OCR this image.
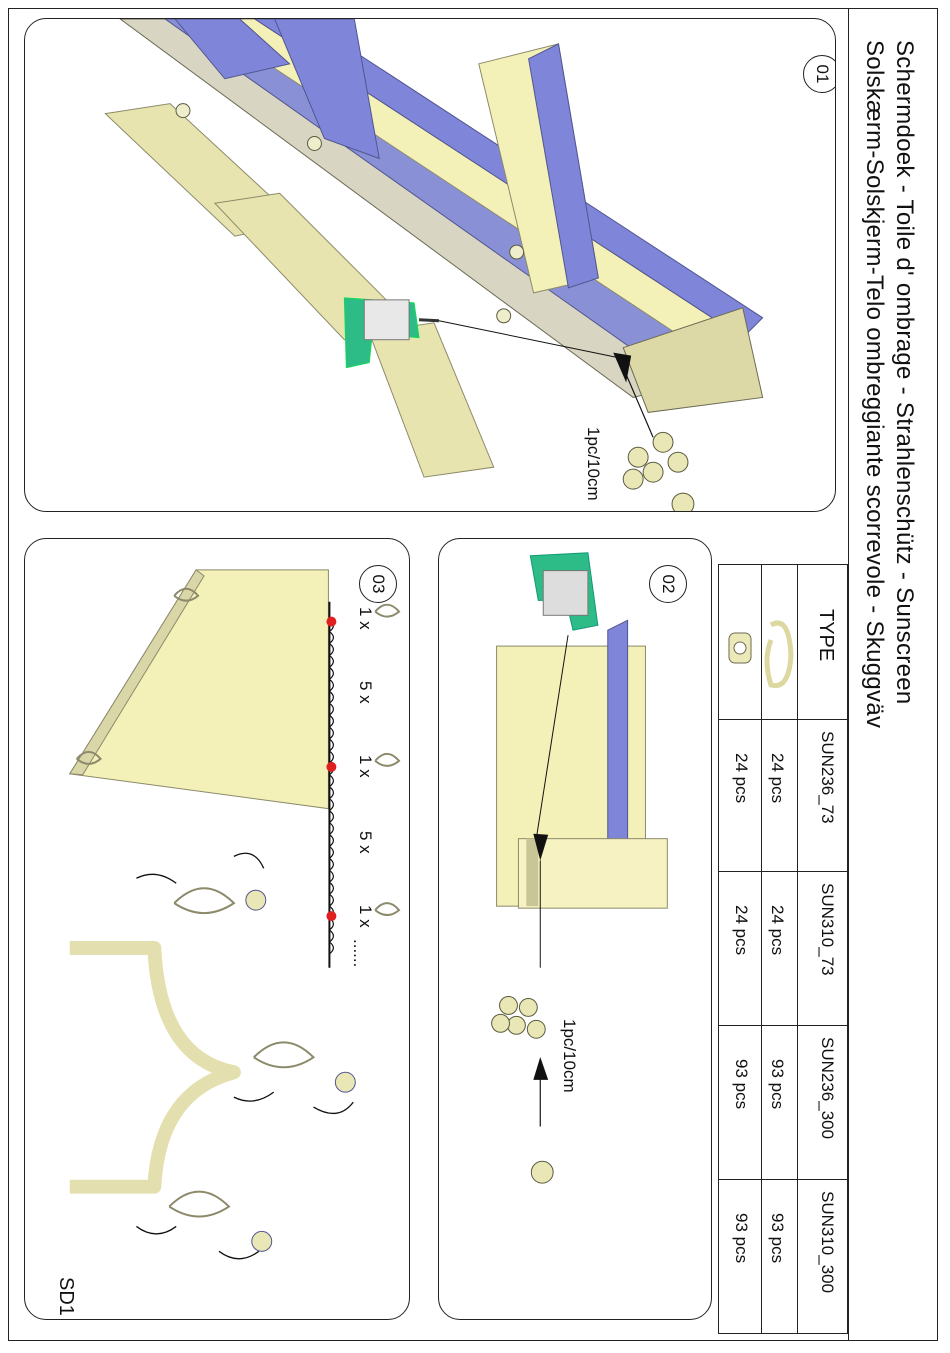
Schermdoek - Toile d' ombrage - Strahlenschütz - Sunscreen
Solskærm-Solskjerm-Telo ombreggiante scorrevole - Skuggväv
01
1pc/10cm
02
1pc/10cm
03
1 x
5 x
1 x
5 x
1 x
......
SD1
TYPE
SUN236_73
SUN310_73
SUN236_300
SUN310_300
24 pcs
24 pcs
93 pcs
93 pcs
24 pcs
24 pcs
93 pcs
93 pcs
